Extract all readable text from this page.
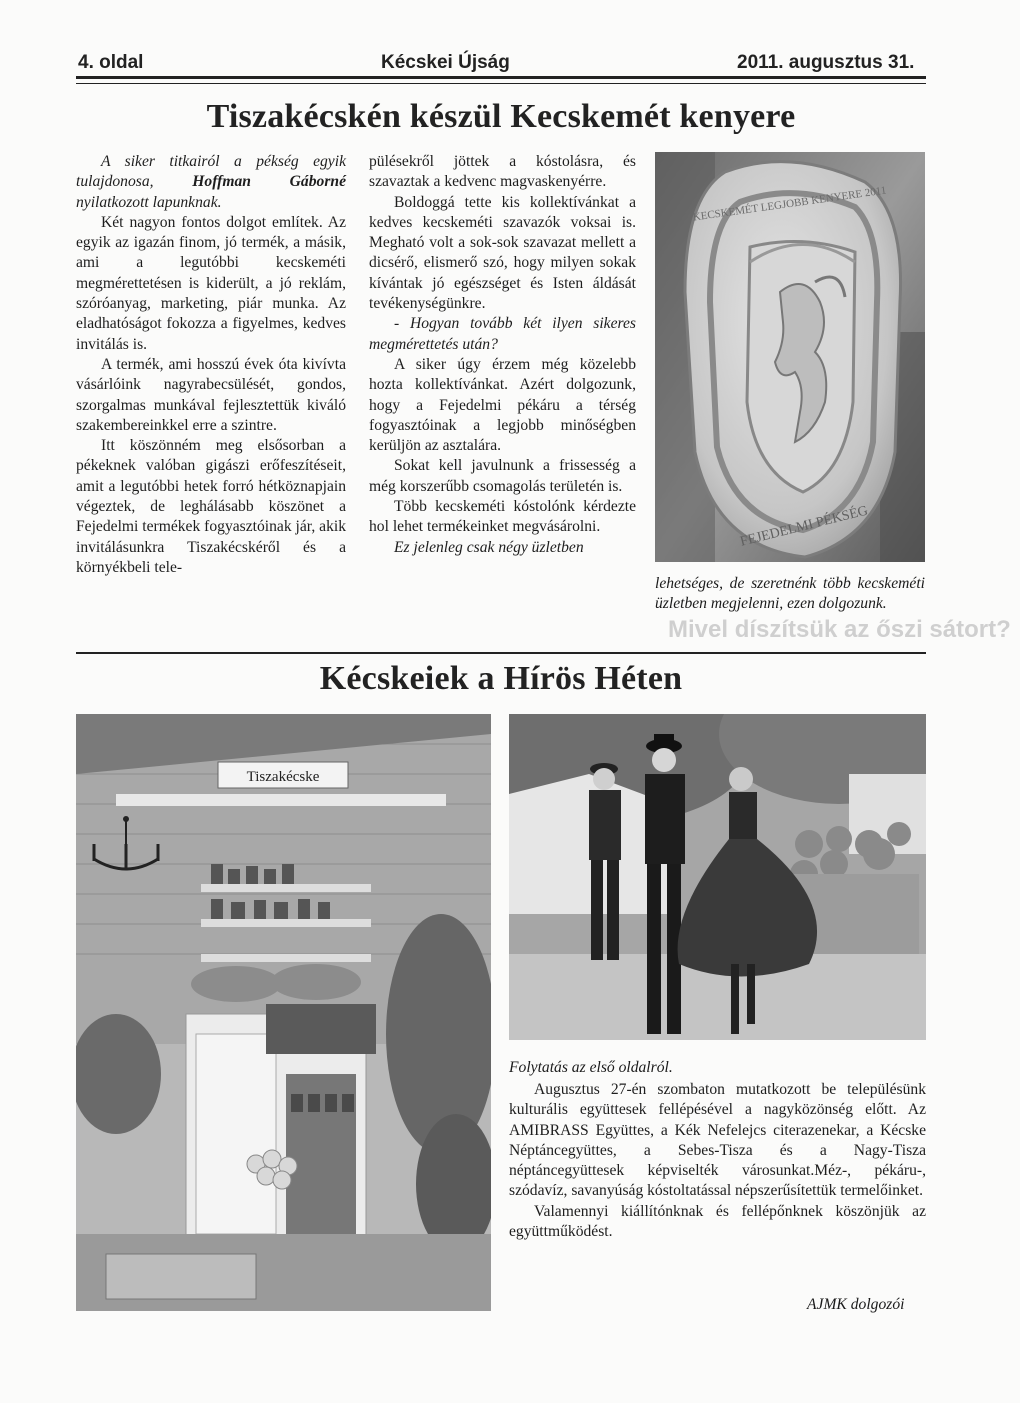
Mivel díszítsük az őszi sátort?
4. oldal	Kécskei Újság	2011. augusztus 31.
Tiszakécskén készül Kecskemét kenyere

A siker titkairól a pékség egyik tulajdonosa, Hoffman Gáborné nyilatkozott lapunknak.

Két nagyon fontos dolgot említek. Az egyik az igazán finom, jó termék, a másik, ami a legutóbbi kecskeméti megmérettetésen is kiderült, a jó reklám, szóróanyag, marketing, piár munka. Az eladhatóságot fokozza a figyelmes, kedves invitálás is.

A termék, ami hosszú évek óta kivívta vásárlóink nagyrabecsülését, gondos, szorgalmas munkával fejlesztettük kiváló szakembereinkkel erre a szintre.

Itt köszönném meg elsősorban a pékeknek valóban gigászi erőfeszítéseit, amit a legutóbbi hetek forró hétköznapjain végeztek, de leghálásabb köszönet a Fejedelmi termékek fogyasztóinak jár, akik invitálásunkra Tiszakécskéről és a környékbeli tele-

pülésekről jöttek a kóstolásra, és szavaztak a kedvenc magvaskenyérre.

Boldoggá tette kis kollektívánkat a kedves kecskeméti szavazók voksai is. Megható volt a sok-sok szavazat mellett a dicsérő, elismerő szó, hogy milyen sokak kívántak jó egészséget és Isten áldását tevékenységünkre.

- Hogyan tovább két ilyen sikeres megmérettetés után?

A siker úgy érzem még közelebb hozta kollektívánkat. Azért dolgozunk, hogy a Fejedelmi pékáru a térség fogyasztóinak a legjobb minőségben kerüljön az asztalára.

Sokat kell javulnunk a frissesség a még korszerűbb csomagolás területén is.

Több kecskeméti kóstolónk kérdezte hol lehet termékeinket megvásárolni.

Ez jelenleg csak négy üzletben

KECSKEMÉT LEGJOBB KENYERE 2011
FEJEDELMI PÉKSÉG
lehetséges, de szeretnénk több kecskeméti üzletben megjelenni, ezen dolgozunk.
Kécskeiek a Hírös Héten
Tiszakécske
Folytatás az első oldalról.

Augusztus 27-én szombaton mutatkozott be településünk kulturális együttesek fellépésével a nagyközönség előtt. Az AMIBRASS Együttes, a Kék Nefelejcs citerazenekar, a Kécske Néptáncegyüttes, a Sebes-Tisza és a Nagy-Tisza néptáncegyüttesek képviselték városunkat.Méz-, pékáru-, szódavíz, savanyúság kóstoltatással népszerűsítettük termelőinket.

Valamennyi kiállítónknak és fellépőnknek köszönjük az együttműködést.

AJMK dolgozói
